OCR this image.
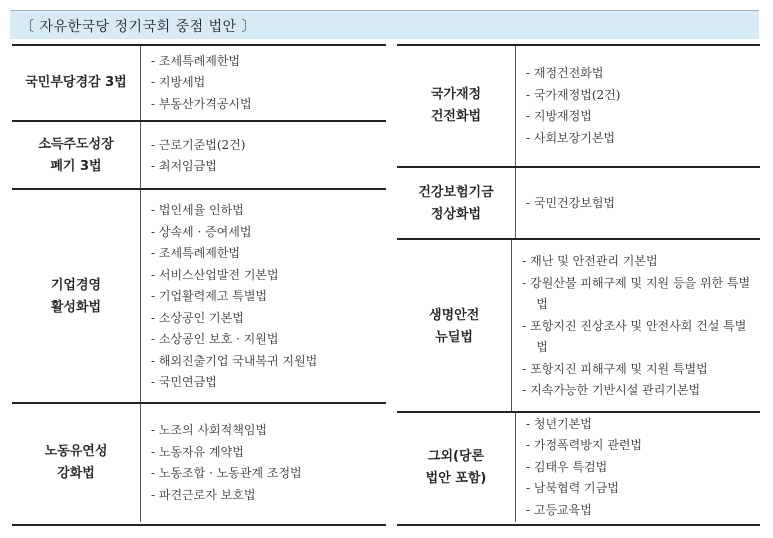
〔 자유한국당 정기국회 중점 법안 〕
국민부당경감 3법
- 조세특례제한법
- 지방세법
- 부동산가격공시법
소득주도성장
폐기 3법
- 근로기준법(2건)
- 최저임금법
기업경영
활성화법
- 법인세율 인하법
- 상속세 · 증여세법
- 조세특례제한법
- 서비스산업발전 기본법
- 기업활력제고 특별법
- 소상공인 기본법
- 소상공인 보호 · 지원법
- 해외진출기업 국내복귀 지원법
- 국민연금법
노동유연성
강화법
- 노조의 사회적책임법
- 노동자유 계약법
- 노동조합 · 노동관계 조정법
- 파견근로자 보호법
국가재정
건전화법
- 재정건전화법
- 국가재정법(2건)
- 지방재정법
- 사회보장기본법
건강보험기금
정상화법
- 국민건강보험법
생명안전
뉴딜법
- 재난 및 안전관리 기본법
- 강원산불 피해구제 및 지원 등을 위한 특별법
- 포항지진 진상조사 및 안전사회 건설 특별법
- 포항지진 피해구제 및 지원 특별법
- 지속가능한 기반시설 관리기본법
그외(당론
법안 포함)
- 청년기본법
- 가정폭력방지 관련법
- 김태우 특검법
- 남북협력 기금법
- 고등교육법
